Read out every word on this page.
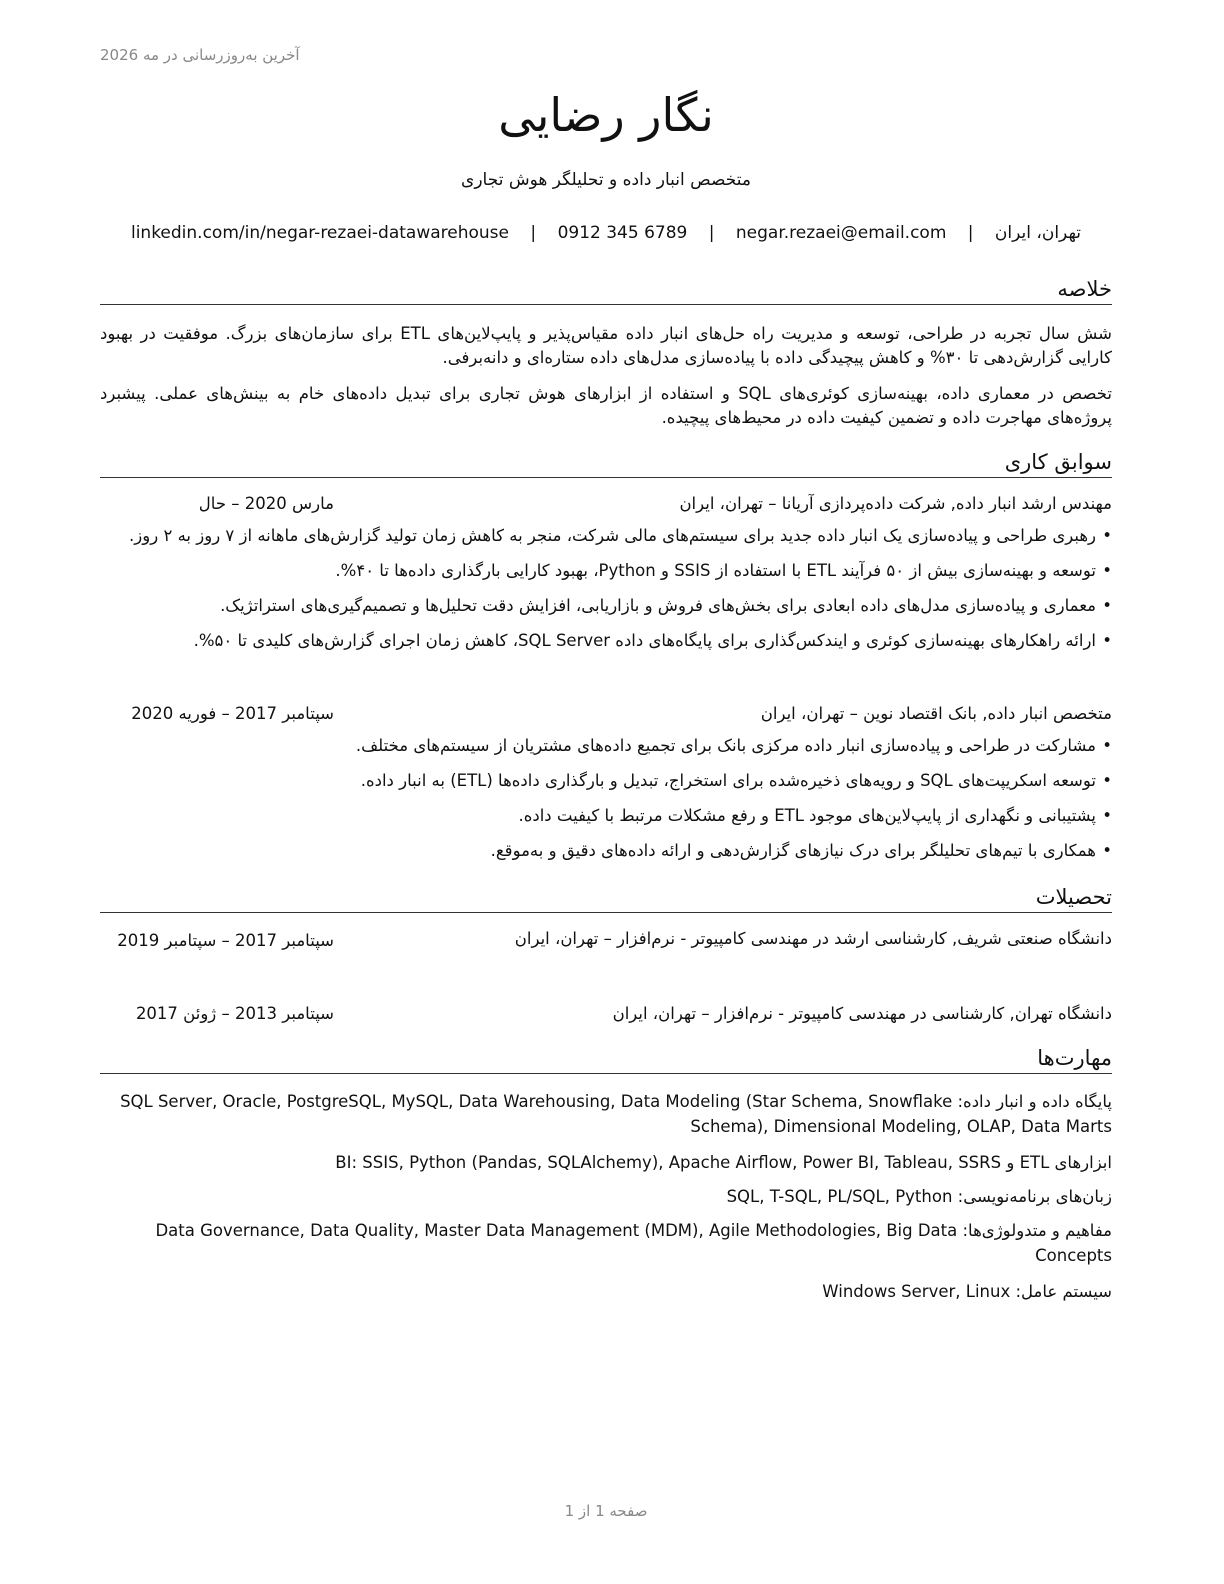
آخرین به‌روزرسانی در مه 2026
نگار رضایی
متخصص انبار داده و تحلیلگر هوش تجاری
تهران، ایران | negar.rezaei@email.com | 0912 345 6789 | linkedin.com/in/negar-rezaei-datawarehouse
خلاصه
شش سال تجربه در طراحی، توسعه و مدیریت راه حل‌های انبار داده مقیاس‌پذیر و پایپ‌لاین‌های ETL برای سازمان‌های بزرگ. موفقیت در بهبود کارایی گزارش‌دهی تا ۳۰% و کاهش پیچیدگی داده با پیاده‌سازی مدل‌های داده ستاره‌ای و دانه‌برفی.
تخصص در معماری داده، بهینه‌سازی کوئری‌های SQL و استفاده از ابزارهای هوش تجاری برای تبدیل داده‌های خام به بینش‌های عملی. پیشبرد پروژه‌های مهاجرت داده و تضمین کیفیت داده در محیط‌های پیچیده.
سوابق کاری
مهندس ارشد انبار داده, شرکت داده‌پردازی آریانا – تهران، ایران
مارس 2020 – حال
• رهبری طراحی و پیاده‌سازی یک انبار داده جدید برای سیستم‌های مالی شرکت، منجر به کاهش زمان تولید گزارش‌های ماهانه از ۷ روز به ۲ روز.
• توسعه و بهینه‌سازی بیش از ۵۰ فرآیند ETL با استفاده از SSIS و Python، بهبود کارایی بارگذاری داده‌ها تا ۴۰%.
• معماری و پیاده‌سازی مدل‌های داده ابعادی برای بخش‌های فروش و بازاریابی، افزایش دقت تحلیل‌ها و تصمیم‌گیری‌های استراتژیک.
• ارائه راهکارهای بهینه‌سازی کوئری و ایندکس‌گذاری برای پایگاه‌های داده SQL Server، کاهش زمان اجرای گزارش‌های کلیدی تا ۵۰%.
متخصص انبار داده, بانک اقتصاد نوین – تهران، ایران
سپتامبر 2017 – فوریه 2020
• مشارکت در طراحی و پیاده‌سازی انبار داده مرکزی بانک برای تجمیع داده‌های مشتریان از سیستم‌های مختلف.
• توسعه اسکریپت‌های SQL و رویه‌های ذخیره‌شده برای استخراج، تبدیل و بارگذاری داده‌ها (ETL) به انبار داده.
• پشتیبانی و نگهداری از پایپ‌لاین‌های موجود ETL و رفع مشکلات مرتبط با کیفیت داده.
• همکاری با تیم‌های تحلیلگر برای درک نیازهای گزارش‌دهی و ارائه داده‌های دقیق و به‌موقع.
تحصیلات
دانشگاه صنعتی شریف, کارشناسی ارشد در مهندسی کامپیوتر - نرم‌افزار – تهران، ایران
سپتامبر 2017 – سپتامبر 2019
دانشگاه تهران, کارشناسی در مهندسی کامپیوتر - نرم‌افزار – تهران، ایران
سپتامبر 2013 – ژوئن 2017
مهارت‌ها
پایگاه داده و انبار داده: SQL Server, Oracle, PostgreSQL, MySQL, Data Warehousing, Data Modeling (Star Schema, Snowflake Schema), Dimensional Modeling, OLAP, Data Marts
ابزارهای ETL و BI: SSIS, Python (Pandas, SQLAlchemy), Apache Airflow, Power BI, Tableau, SSRS
زبان‌های برنامه‌نویسی: SQL, T-SQL, PL/SQL, Python
مفاهیم و متدولوژی‌ها: Data Governance, Data Quality, Master Data Management (MDM), Agile Methodologies, Big Data Concepts
سیستم عامل: Windows Server, Linux
صفحه 1 از 1
